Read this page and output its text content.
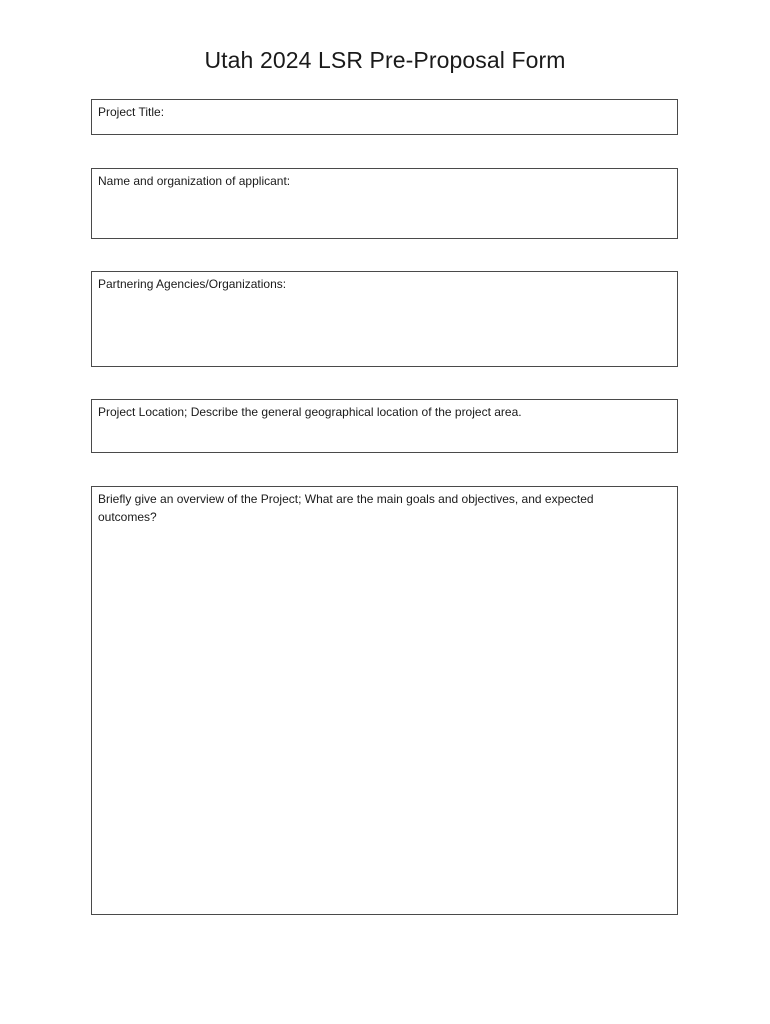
Utah 2024 LSR Pre-Proposal Form
Project Title:
Name and organization of applicant:
Partnering Agencies/Organizations:
Project Location; Describe the general geographical location of the project area.
Briefly give an overview of the Project; What are the main goals and objectives, and expected outcomes?
